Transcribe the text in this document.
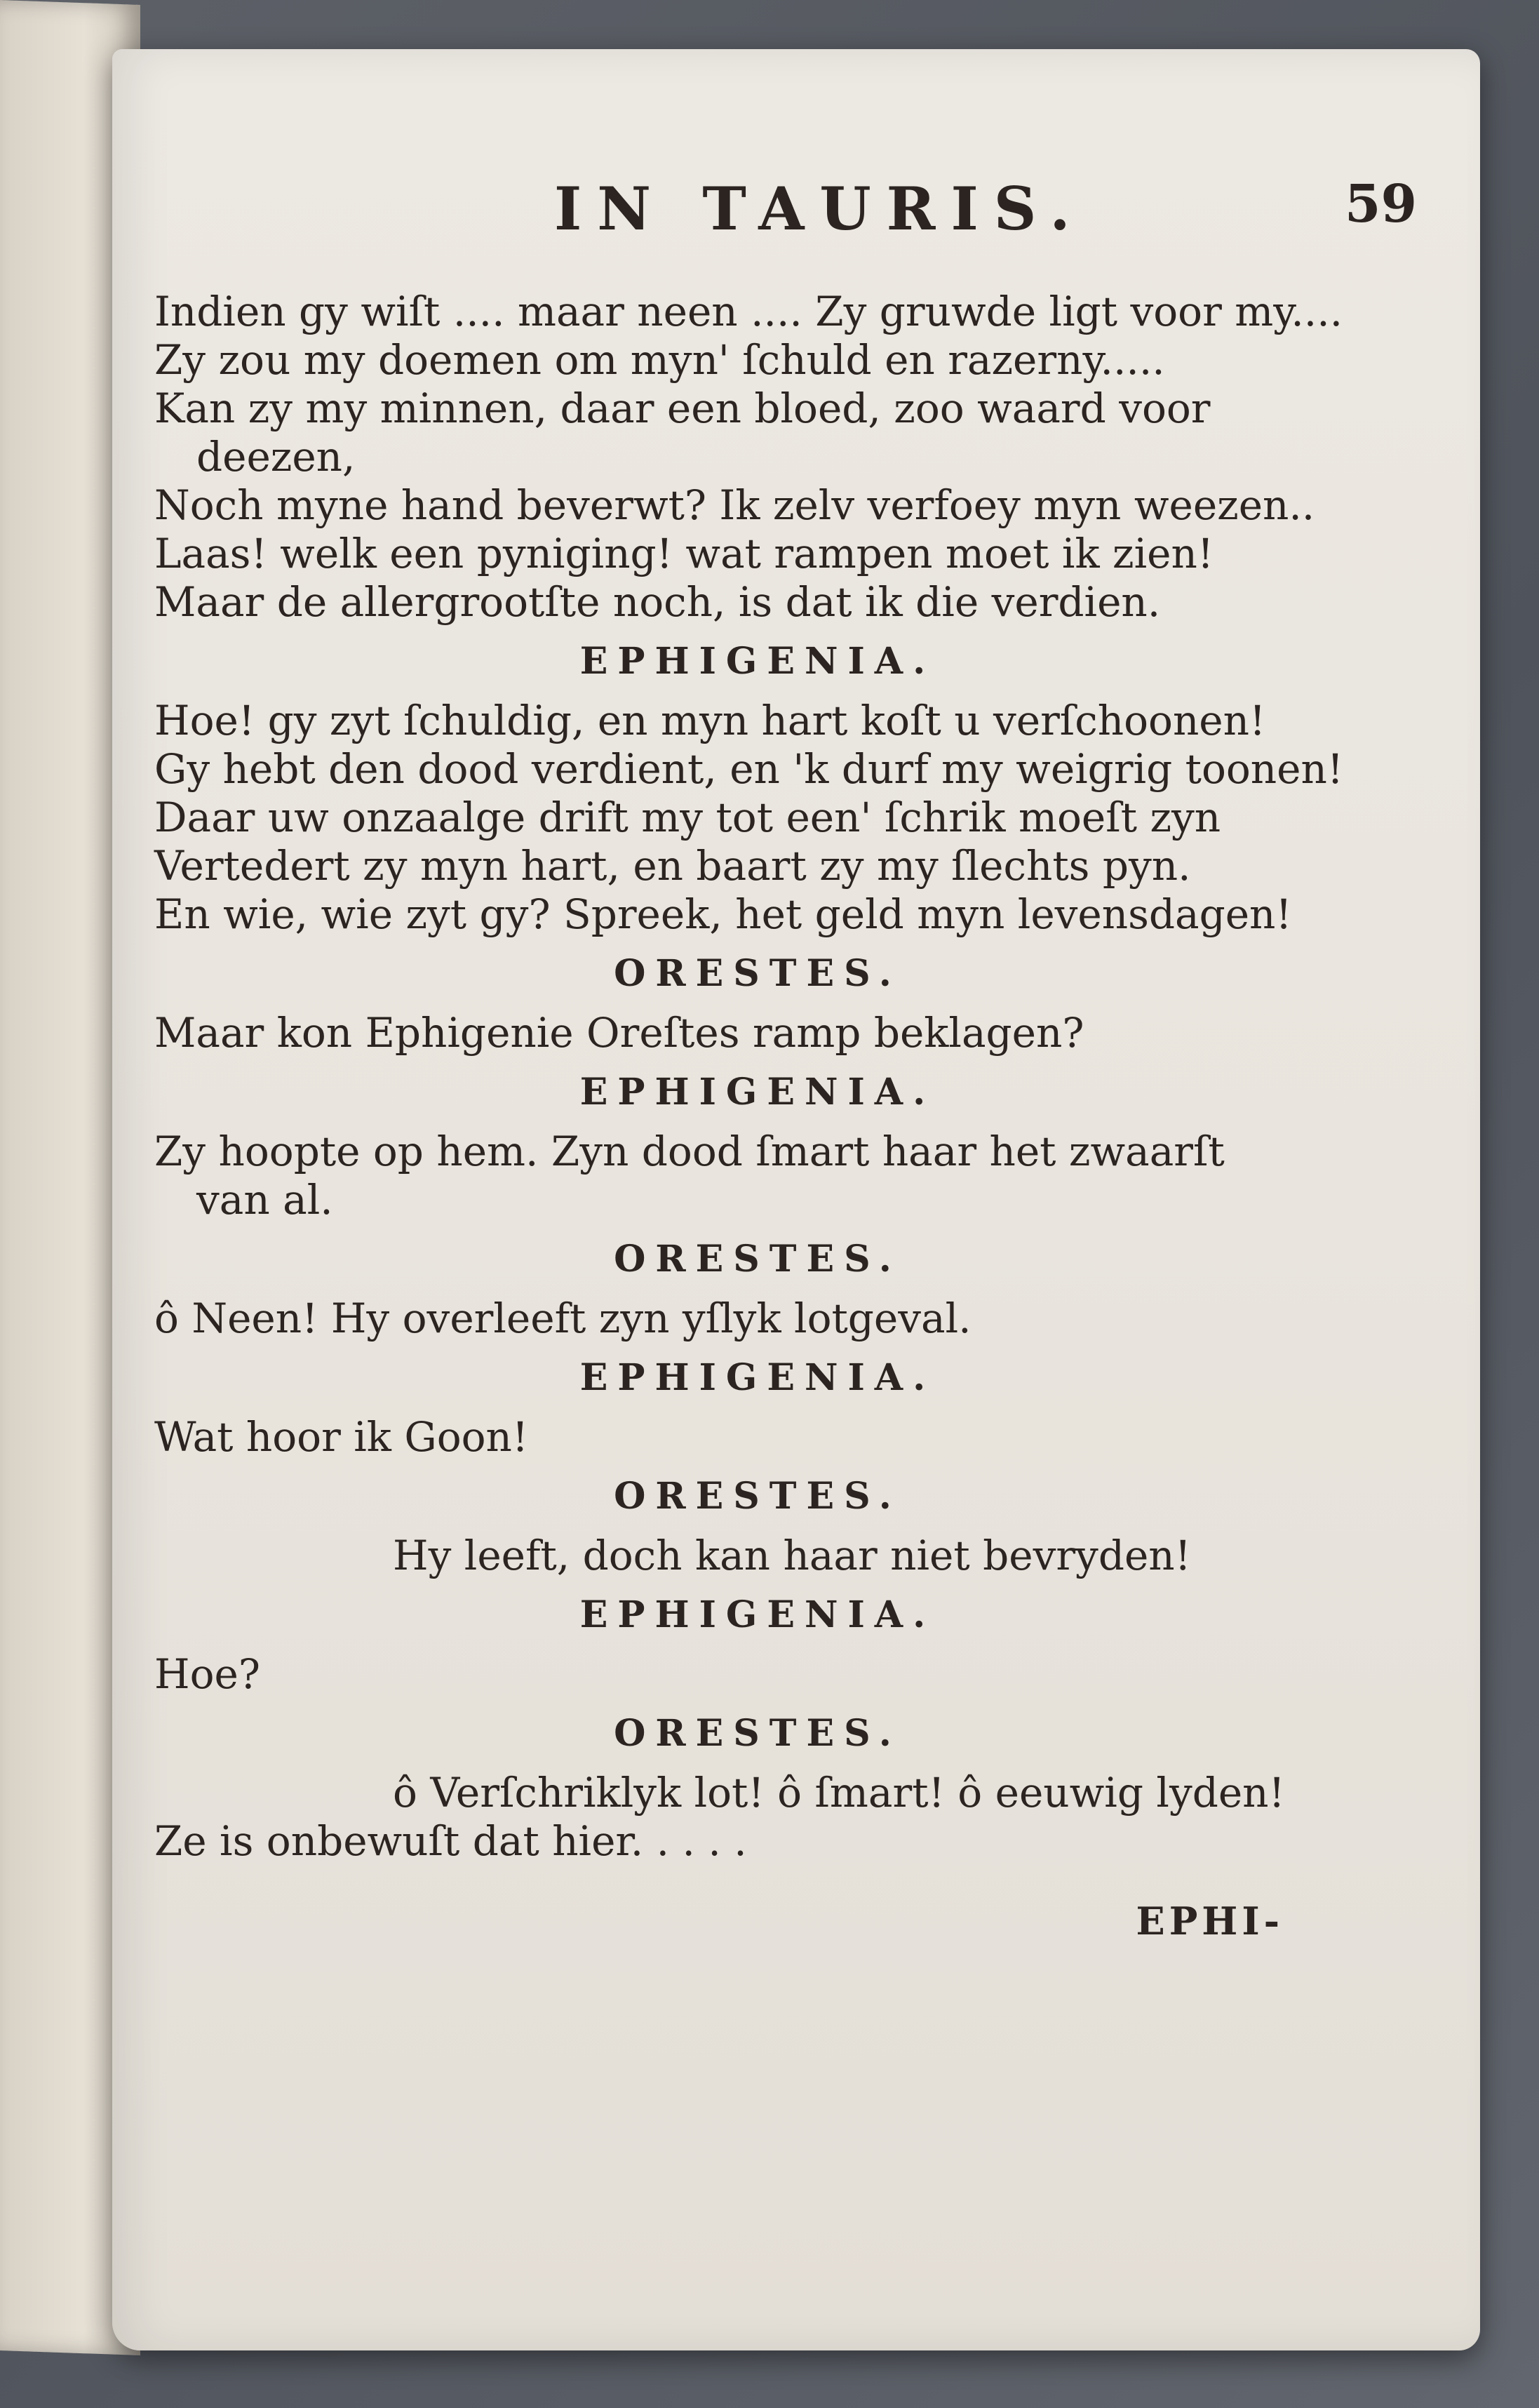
IN TAURIS.	59
Indien gy wiſt .... maar neen .... Zy gruwde ligt voor my....
Zy zou my doemen om myn' ſchuld en razerny.....
Kan zy my minnen, daar een bloed, zoo waard voor
deezen,
Noch myne hand beverwt? Ik zelv verfoey myn weezen..
Laas! welk een pyniging! wat rampen moet ik zien!
Maar de allergrootſte noch, is dat ik die verdien.
EPHIGENIA.
Hoe! gy zyt ſchuldig, en myn hart koſt u verſchoonen!
Gy hebt den dood verdient, en 'k durf my weigrig toonen!
Daar uw onzaalge drift my tot een' ſchrik moeſt zyn
Vertedert zy myn hart, en baart zy my ſlechts pyn.
En wie, wie zyt gy? Spreek, het geld myn levensdagen!
ORESTES.
Maar kon Ephigenie Oreſtes ramp beklagen?
EPHIGENIA.
Zy hoopte op hem. Zyn dood ſmart haar het zwaarſt
van al.
ORESTES.
ô Neen! Hy overleeft zyn yſlyk lotgeval.
EPHIGENIA.
Wat hoor ik Goon!
ORESTES.
Hy leeft, doch kan haar niet bevryden!
EPHIGENIA.
Hoe?
ORESTES.
ô Verſchriklyk lot! ô ſmart! ô eeuwig lyden!
Ze is onbewuſt dat hier. . . . .
EPHI-
